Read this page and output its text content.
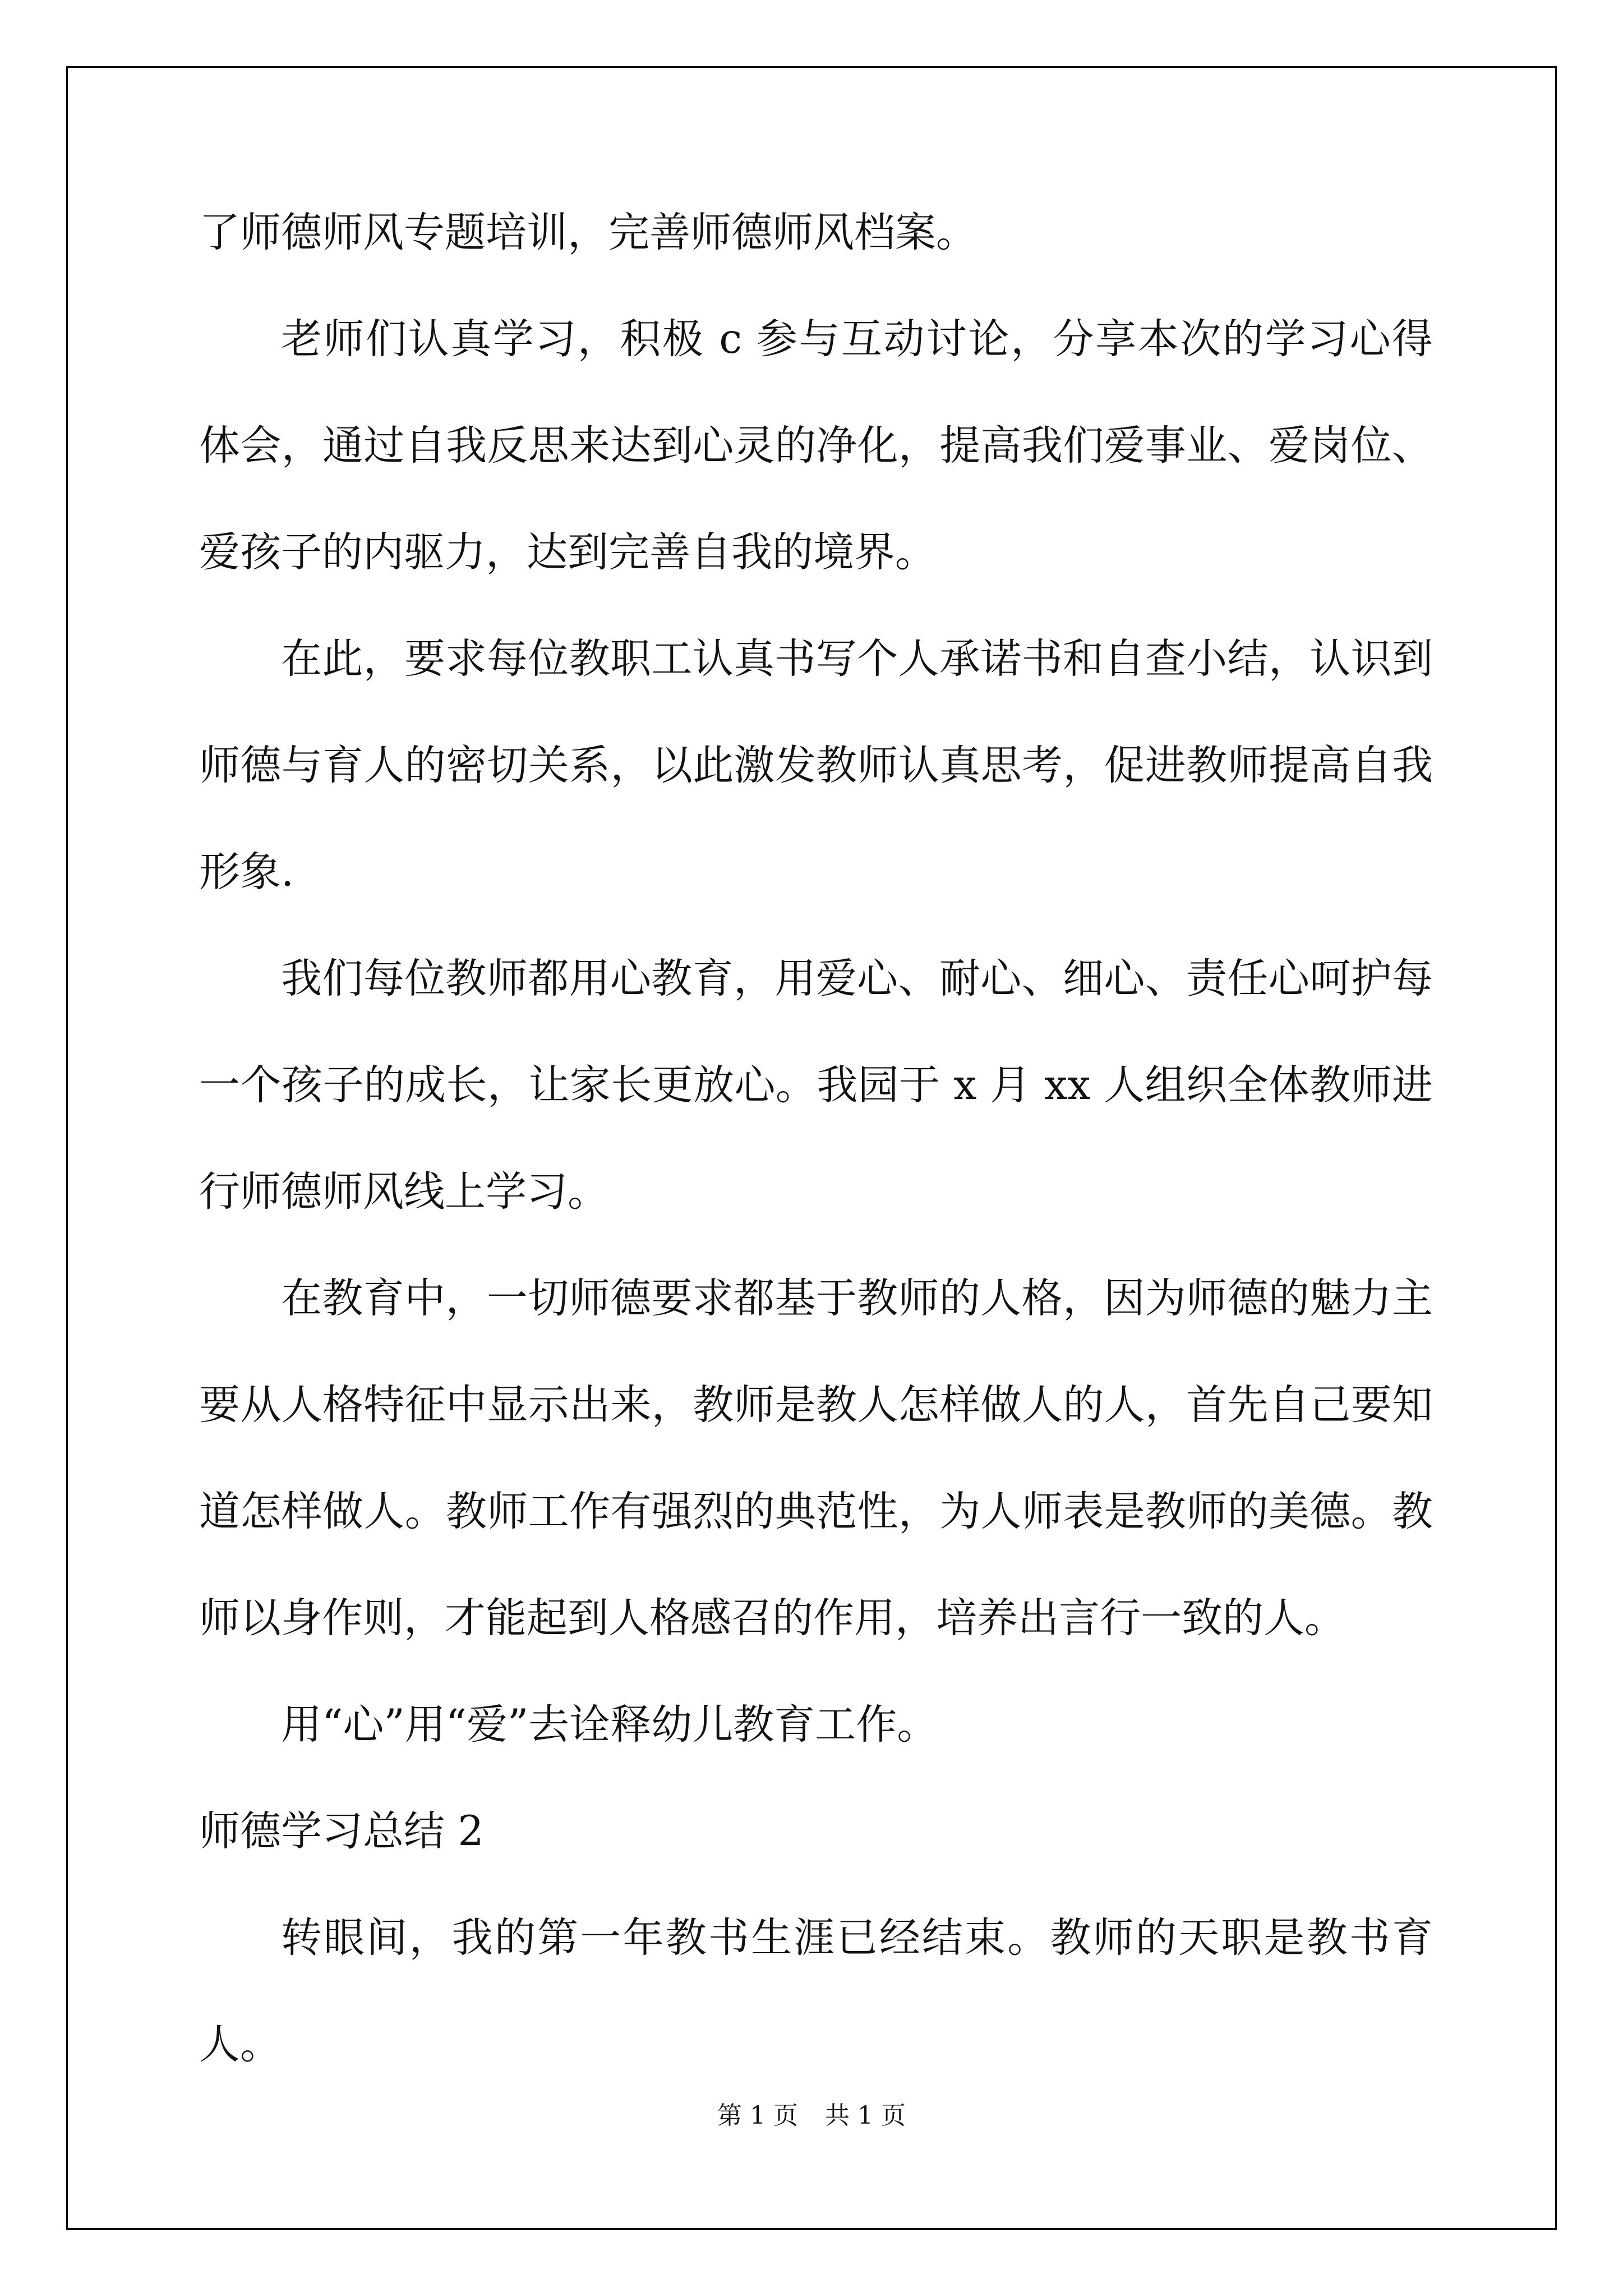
了师德师风专题培训，完善师德师风档案。

老师们认真学习，积极 c 参与互动讨论，分享本次的学习心得体会，通过自我反思来达到心灵的净化，提高我们爱事业、爱岗位、爱孩子的内驱力，达到完善自我的境界。

在此，要求每位教职工认真书写个人承诺书和自查小结，认识到师德与育人的密切关系，以此激发教师认真思考，促进教师提高自我形象.

我们每位教师都用心教育，用爱心、耐心、细心、责任心呵护每一个孩子的成长，让家长更放心。我园于 x 月 xx 人组织全体教师进行师德师风线上学习。

在教育中，一切师德要求都基于教师的人格，因为师德的魅力主要从人格特征中显示出来，教师是教人怎样做人的人，首先自己要知道怎样做人。教师工作有强烈的典范性，为人师表是教师的美德。教师以身作则，才能起到人格感召的作用，培养出言行一致的人。

用“心”用“爱”去诠释幼儿教育工作。

师德学习总结 2

转眼间，我的第一年教书生涯已经结束。教师的天职是教书育人。

第 1 页 共 1 页
